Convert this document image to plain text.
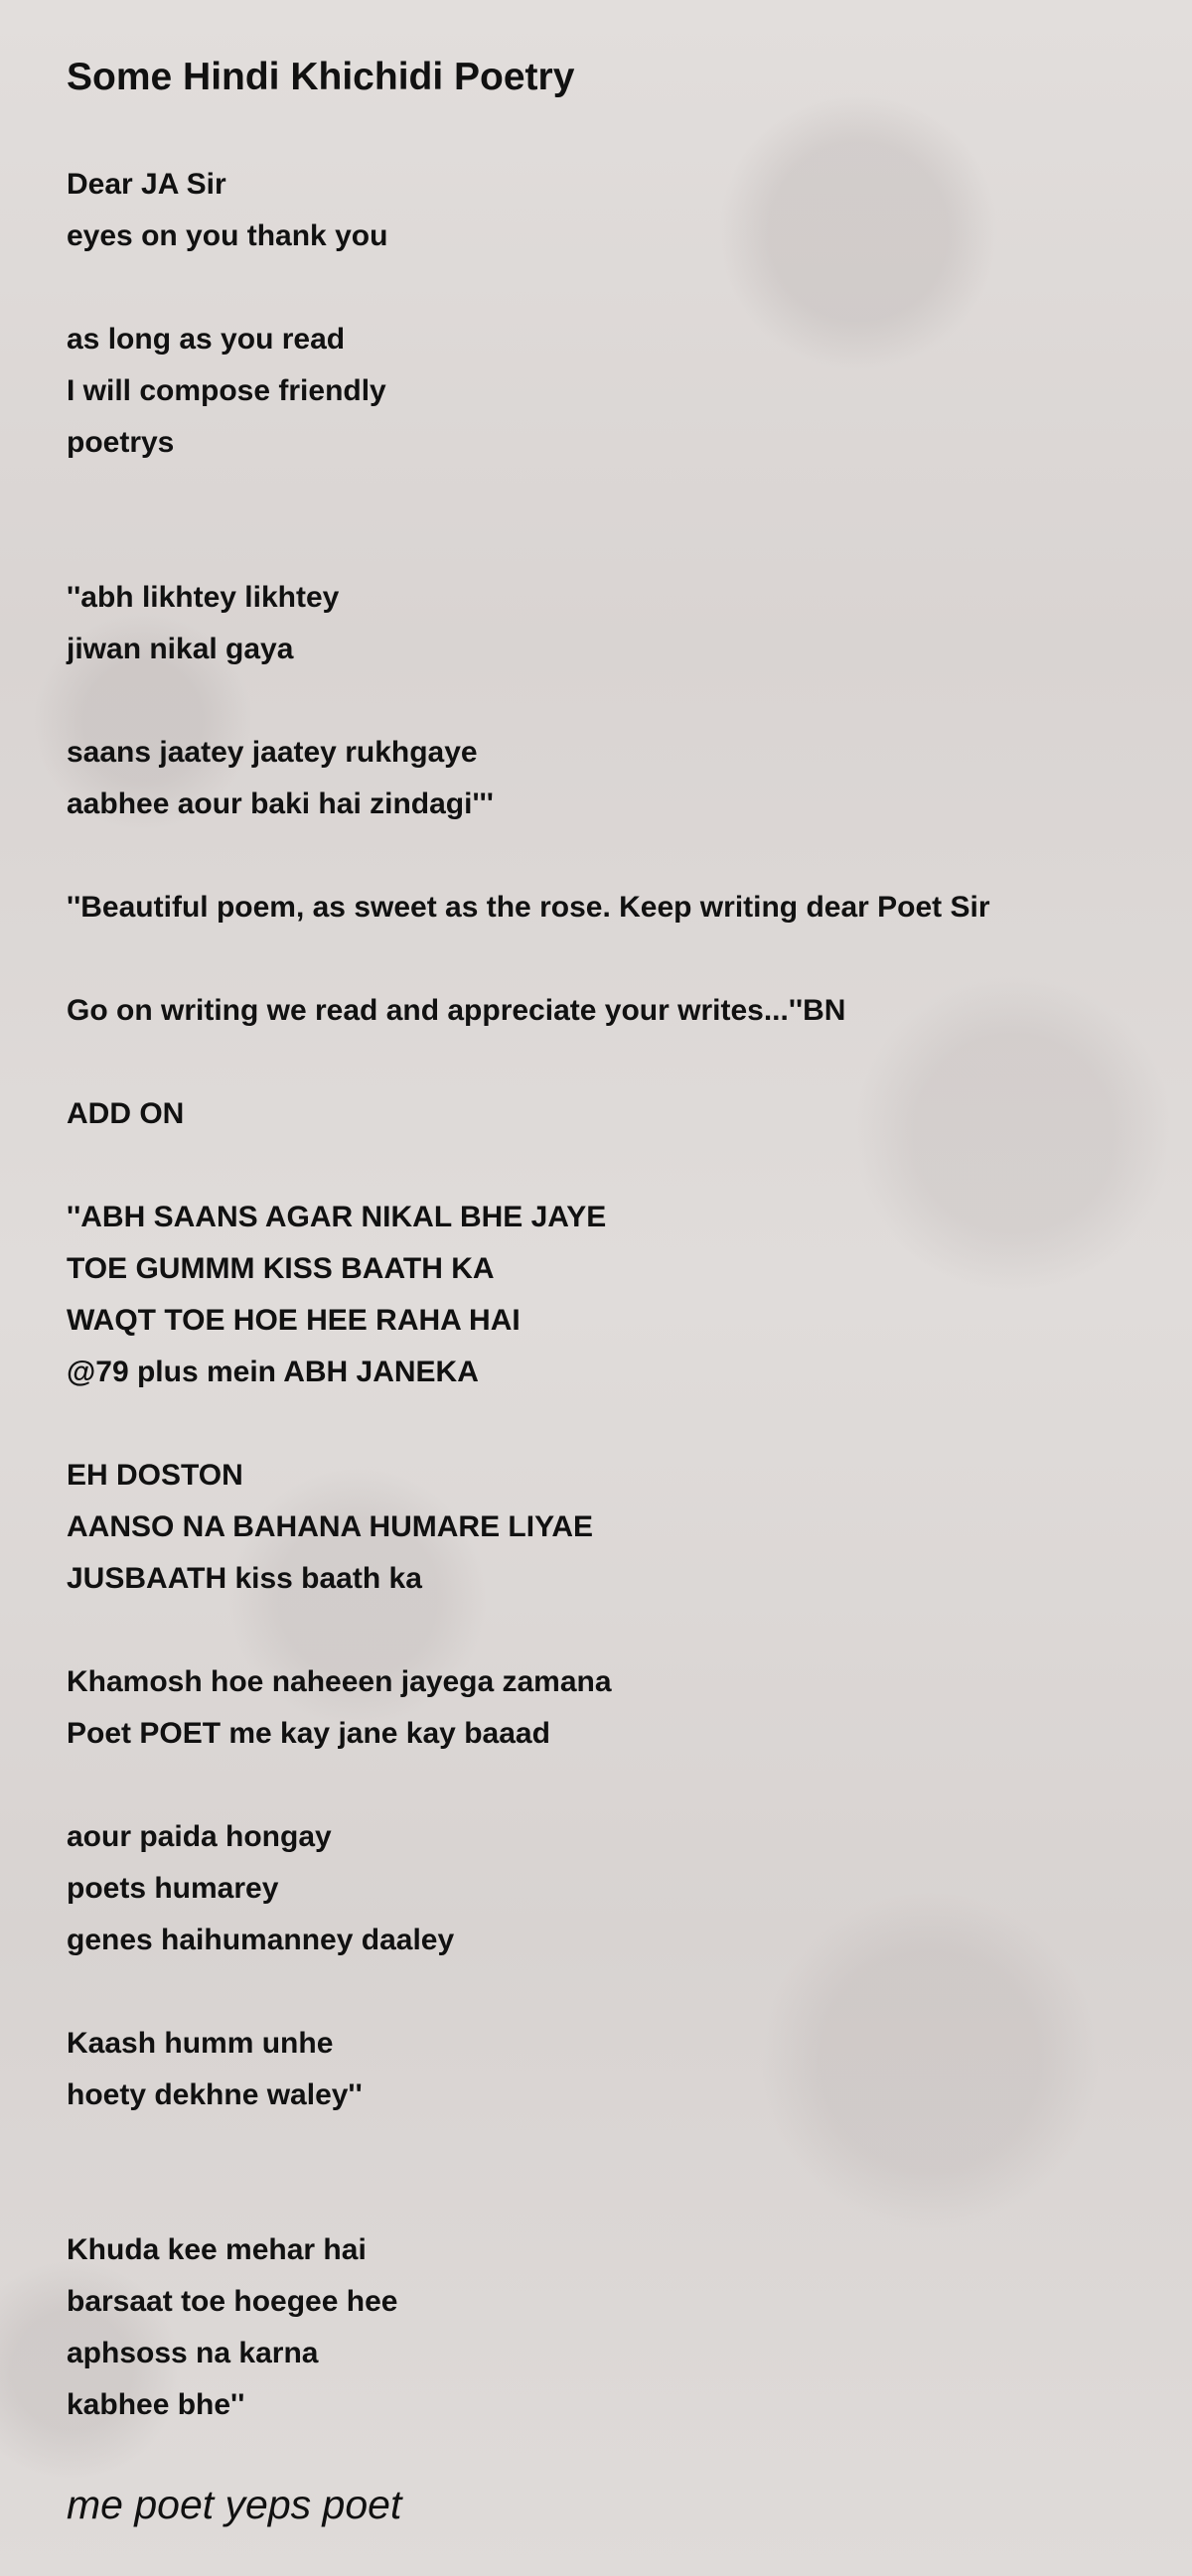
Some Hindi Khichidi Poetry
Dear JA Sir
eyes on you thank you
as long as you read
I will compose friendly
poetrys
''abh likhtey likhtey
jiwan nikal gaya
saans jaatey jaatey rukhgaye
aabhee aour baki hai zindagi'''
''Beautiful poem, as sweet as the rose. Keep writing dear Poet Sir
Go on writing we read and appreciate your writes...''BN
ADD ON
''ABH SAANS AGAR NIKAL BHE JAYE
TOE GUMMM KISS BAATH KA
WAQT TOE HOE HEE RAHA HAI
@79 plus mein ABH JANEKA
EH DOSTON
AANSO NA BAHANA HUMARE LIYAE
JUSBAATH kiss baath ka
Khamosh hoe naheeen jayega zamana
Poet POET me kay jane kay baaad
aour paida hongay
poets humarey
genes haihumanney daaley
Kaash humm unhe
hoety dekhne waley''
Khuda kee mehar hai
barsaat toe hoegee hee
aphsoss na karna
kabhee bhe''
me poet yeps poet
